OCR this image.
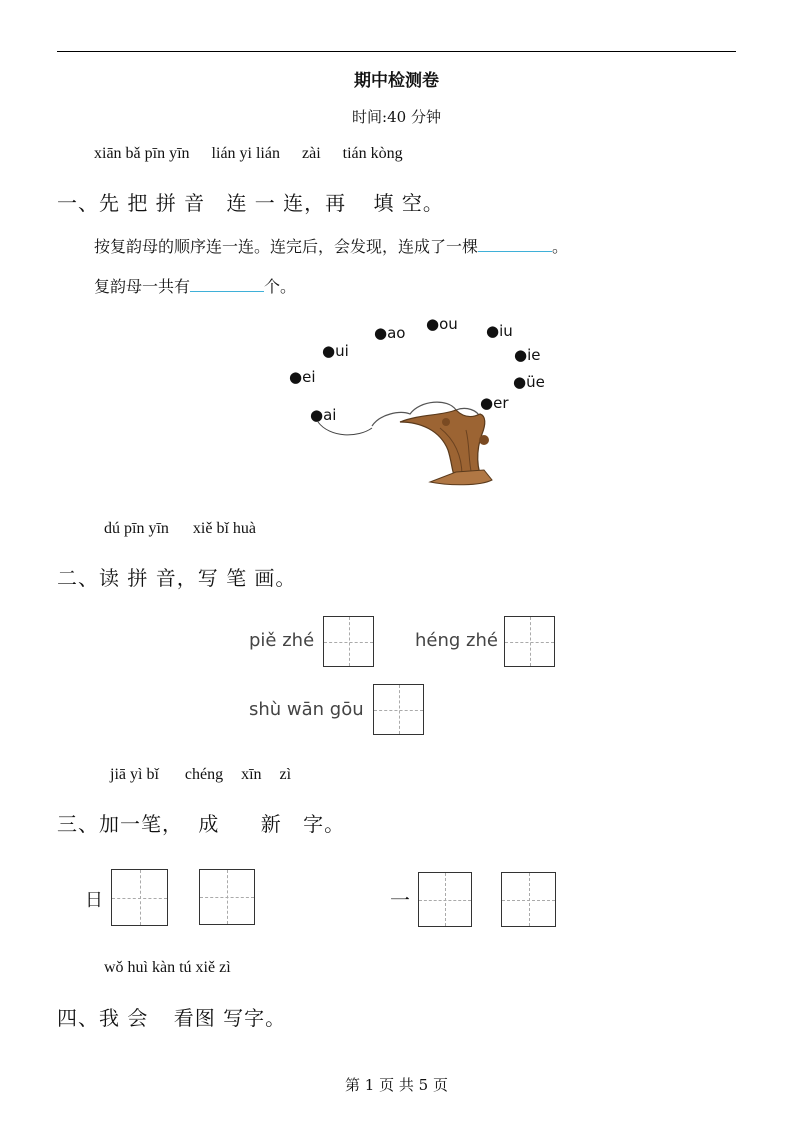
期中检测卷
时间:40 分钟
xiān bǎ pīn yīn lián yi lián zài tián kòng
一、先 把 拼 音 连 一 连，再 填 空。
按复韵母的顺序连一连。连完后，会发现，连成了一棵	。
复韵母一共有	个。
●ai
●ei
●ui
●ao ●ou ●iu
●ie
●üe
●er
dú pīn yīn xiě bǐ huà
二、读 拼 音，写 笔 画。
piě zhé	héng zhé
shù wān gōu
jiā yì bǐ chéng xīn zì
三、加一笔， 成 新 字。
日	一
wǒ huì kàn tú xiě zì
四、我 会 看图 写字。
第 1 页 共 5 页
